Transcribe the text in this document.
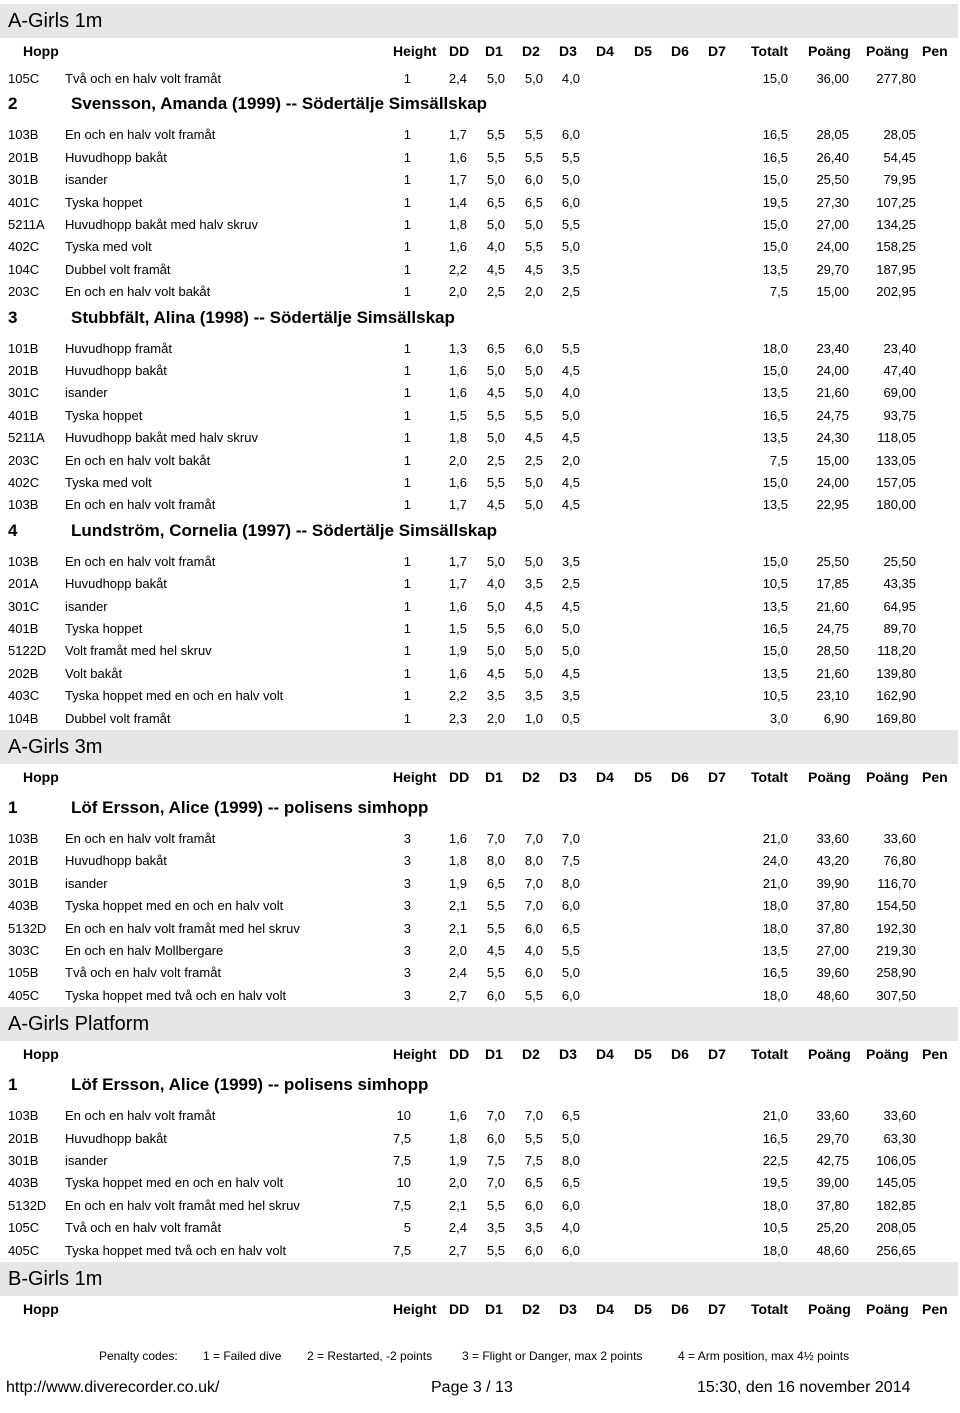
A-Girls 1m
Hopp	Height DD D1 D2 D3 D4 D5 D6 D7 Totalt Poäng Poäng Pen
105C Två och en halv volt framåt	1	2,4	5,0	5,0	4,0	15,0	36,00	277,80
2	Svensson, Amanda (1999) -- Södertälje Simsällskap
103B En och en halv volt framåt	1	1,7	5,5	5,5	6,0	16,5	28,05	28,05
201B Huvudhopp bakåt	1	1,6	5,5	5,5	5,5	16,5	26,40	54,45
301B isander	1	1,7	5,0	6,0	5,0	15,0	25,50	79,95
401C Tyska hoppet	1	1,4	6,5	6,5	6,0	19,5	27,30	107,25
5211A Huvudhopp bakåt med halv skruv	1	1,8	5,0	5,0	5,5	15,0	27,00	134,25
402C Tyska med volt	1	1,6	4,0	5,5	5,0	15,0	24,00	158,25
104C Dubbel volt framåt	1	2,2	4,5	4,5	3,5	13,5	29,70	187,95
203C En och en halv volt bakåt	1	2,0	2,5	2,0	2,5	7,5	15,00	202,95
3	Stubbfält, Alina (1998) -- Södertälje Simsällskap
101B Huvudhopp framåt	1	1,3	6,5	6,0	5,5	18,0	23,40	23,40
201B Huvudhopp bakåt	1	1,6	5,0	5,0	4,5	15,0	24,00	47,40
301C isander	1	1,6	4,5	5,0	4,0	13,5	21,60	69,00
401B Tyska hoppet	1	1,5	5,5	5,5	5,0	16,5	24,75	93,75
5211A Huvudhopp bakåt med halv skruv	1	1,8	5,0	4,5	4,5	13,5	24,30	118,05
203C En och en halv volt bakåt	1	2,0	2,5	2,5	2,0	7,5	15,00	133,05
402C Tyska med volt	1	1,6	5,5	5,0	4,5	15,0	24,00	157,05
103B En och en halv volt framåt	1	1,7	4,5	5,0	4,5	13,5	22,95	180,00
4	Lundström, Cornelia (1997) -- Södertälje Simsällskap
103B En och en halv volt framåt	1	1,7	5,0	5,0	3,5	15,0	25,50	25,50
201A Huvudhopp bakåt	1	1,7	4,0	3,5	2,5	10,5	17,85	43,35
301C isander	1	1,6	5,0	4,5	4,5	13,5	21,60	64,95
401B Tyska hoppet	1	1,5	5,5	6,0	5,0	16,5	24,75	89,70
5122D Volt framåt med hel skruv	1	1,9	5,0	5,0	5,0	15,0	28,50	118,20
202B Volt bakåt	1	1,6	4,5	5,0	4,5	13,5	21,60	139,80
403C Tyska hoppet med en och en halv volt	1	2,2	3,5	3,5	3,5	10,5	23,10	162,90
104B Dubbel volt framåt	1	2,3	2,0	1,0	0,5	3,0	6,90	169,80
A-Girls 3m
Hopp	Height DD D1 D2 D3 D4 D5 D6 D7 Totalt Poäng Poäng Pen
1	Löf Ersson, Alice (1999) -- polisens simhopp
103B En och en halv volt framåt	3	1,6	7,0	7,0	7,0	21,0	33,60	33,60
201B Huvudhopp bakåt	3	1,8	8,0	8,0	7,5	24,0	43,20	76,80
301B isander	3	1,9	6,5	7,0	8,0	21,0	39,90	116,70
403B Tyska hoppet med en och en halv volt	3	2,1	5,5	7,0	6,0	18,0	37,80	154,50
5132D En och en halv volt framåt med hel skruv	3	2,1	5,5	6,0	6,5	18,0	37,80	192,30
303C En och en halv Mollbergare	3	2,0	4,5	4,0	5,5	13,5	27,00	219,30
105B Två och en halv volt framåt	3	2,4	5,5	6,0	5,0	16,5	39,60	258,90
405C Tyska hoppet med två och en halv volt	3	2,7	6,0	5,5	6,0	18,0	48,60	307,50
A-Girls Platform
Hopp	Height DD D1 D2 D3 D4 D5 D6 D7 Totalt Poäng Poäng Pen
1	Löf Ersson, Alice (1999) -- polisens simhopp
103B En och en halv volt framåt	10	1,6	7,0	7,0	6,5	21,0	33,60	33,60
201B Huvudhopp bakåt	7,5	1,8	6,0	5,5	5,0	16,5	29,70	63,30
301B isander	7,5	1,9	7,5	7,5	8,0	22,5	42,75	106,05
403B Tyska hoppet med en och en halv volt	10	2,0	7,0	6,5	6,5	19,5	39,00	145,05
5132D En och en halv volt framåt med hel skruv	7,5	2,1	5,5	6,0	6,0	18,0	37,80	182,85
105C Två och en halv volt framåt	5	2,4	3,5	3,5	4,0	10,5	25,20	208,05
405C Tyska hoppet med två och en halv volt	7,5	2,7	5,5	6,0	6,0	18,0	48,60	256,65
B-Girls 1m
Hopp	Height DD D1 D2 D3 D4 D5 D6 D7 Totalt Poäng Poäng Pen
Penalty codes: 1 = Failed dive 2 = Restarted, -2 points 3 = Flight or Danger, max 2 points	4 = Arm position, max 4½ points
http://www.diverecorder.co.uk/	Page 3 / 13	15:30, den 16 november 2014
